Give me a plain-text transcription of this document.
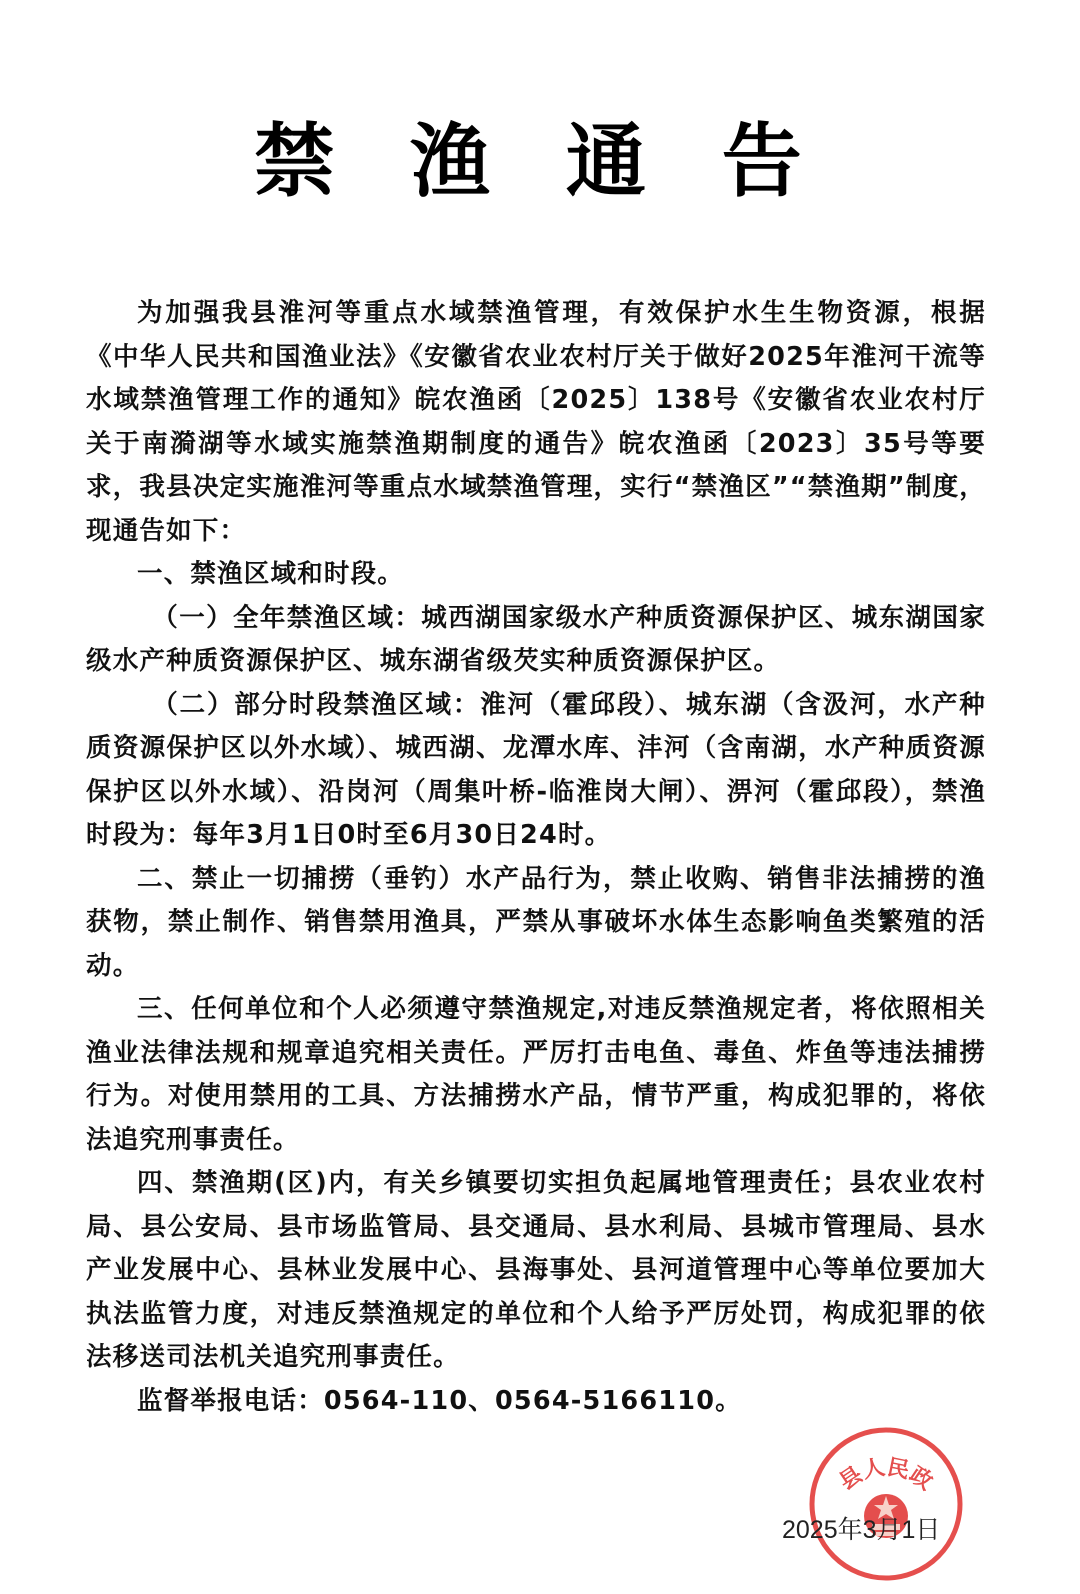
禁 渔 通 告

为加强我县淮河等重点水域禁渔管理，有效保护水生生物资源，根据《中华人民共和国渔业法》《安徽省农业农村厅关于做好2025年淮河干流等水域禁渔管理工作的通知》皖农渔函〔2025〕138号《安徽省农业农村厅关于南漪湖等水域实施禁渔期制度的通告》皖农渔函〔2023〕35号等要求，我县决定实施淮河等重点水域禁渔管理，实行“禁渔区”“禁渔期”制度，现通告如下：

一、禁渔区域和时段。

（一）全年禁渔区域：城西湖国家级水产种质资源保护区、城东湖国家级水产种质资源保护区、城东湖省级芡实种质资源保护区。

（二）部分时段禁渔区域：淮河（霍邱段）、城东湖（含汲河，水产种质资源保护区以外水域）、城西湖、龙潭水库、沣河（含南湖，水产种质资源保护区以外水域）、沿岗河（周集叶桥-临淮岗大闸）、淠河（霍邱段），禁渔时段为：每年3月1日0时至6月30日24时。

二、禁止一切捕捞（垂钓）水产品行为，禁止收购、销售非法捕捞的渔获物，禁止制作、销售禁用渔具，严禁从事破坏水体生态影响鱼类繁殖的活动。

三、任何单位和个人必须遵守禁渔规定,对违反禁渔规定者，将依照相关渔业法律法规和规章追究相关责任。严厉打击电鱼、毒鱼、炸鱼等违法捕捞行为。对使用禁用的工具、方法捕捞水产品，情节严重，构成犯罪的，将依法追究刑事责任。

四、禁渔期(区)内，有关乡镇要切实担负起属地管理责任；县农业农村局、县公安局、县市场监管局、县交通局、县水利局、县城市管理局、县水产业发展中心、县林业发展中心、县海事处、县河道管理中心等单位要加大执法监管力度，对违反禁渔规定的单位和个人给予严厉处罚，构成犯罪的依法移送司法机关追究刑事责任。

监督举报电话：0564-110、0564-5166110。

县人民政
2025年3月1日
